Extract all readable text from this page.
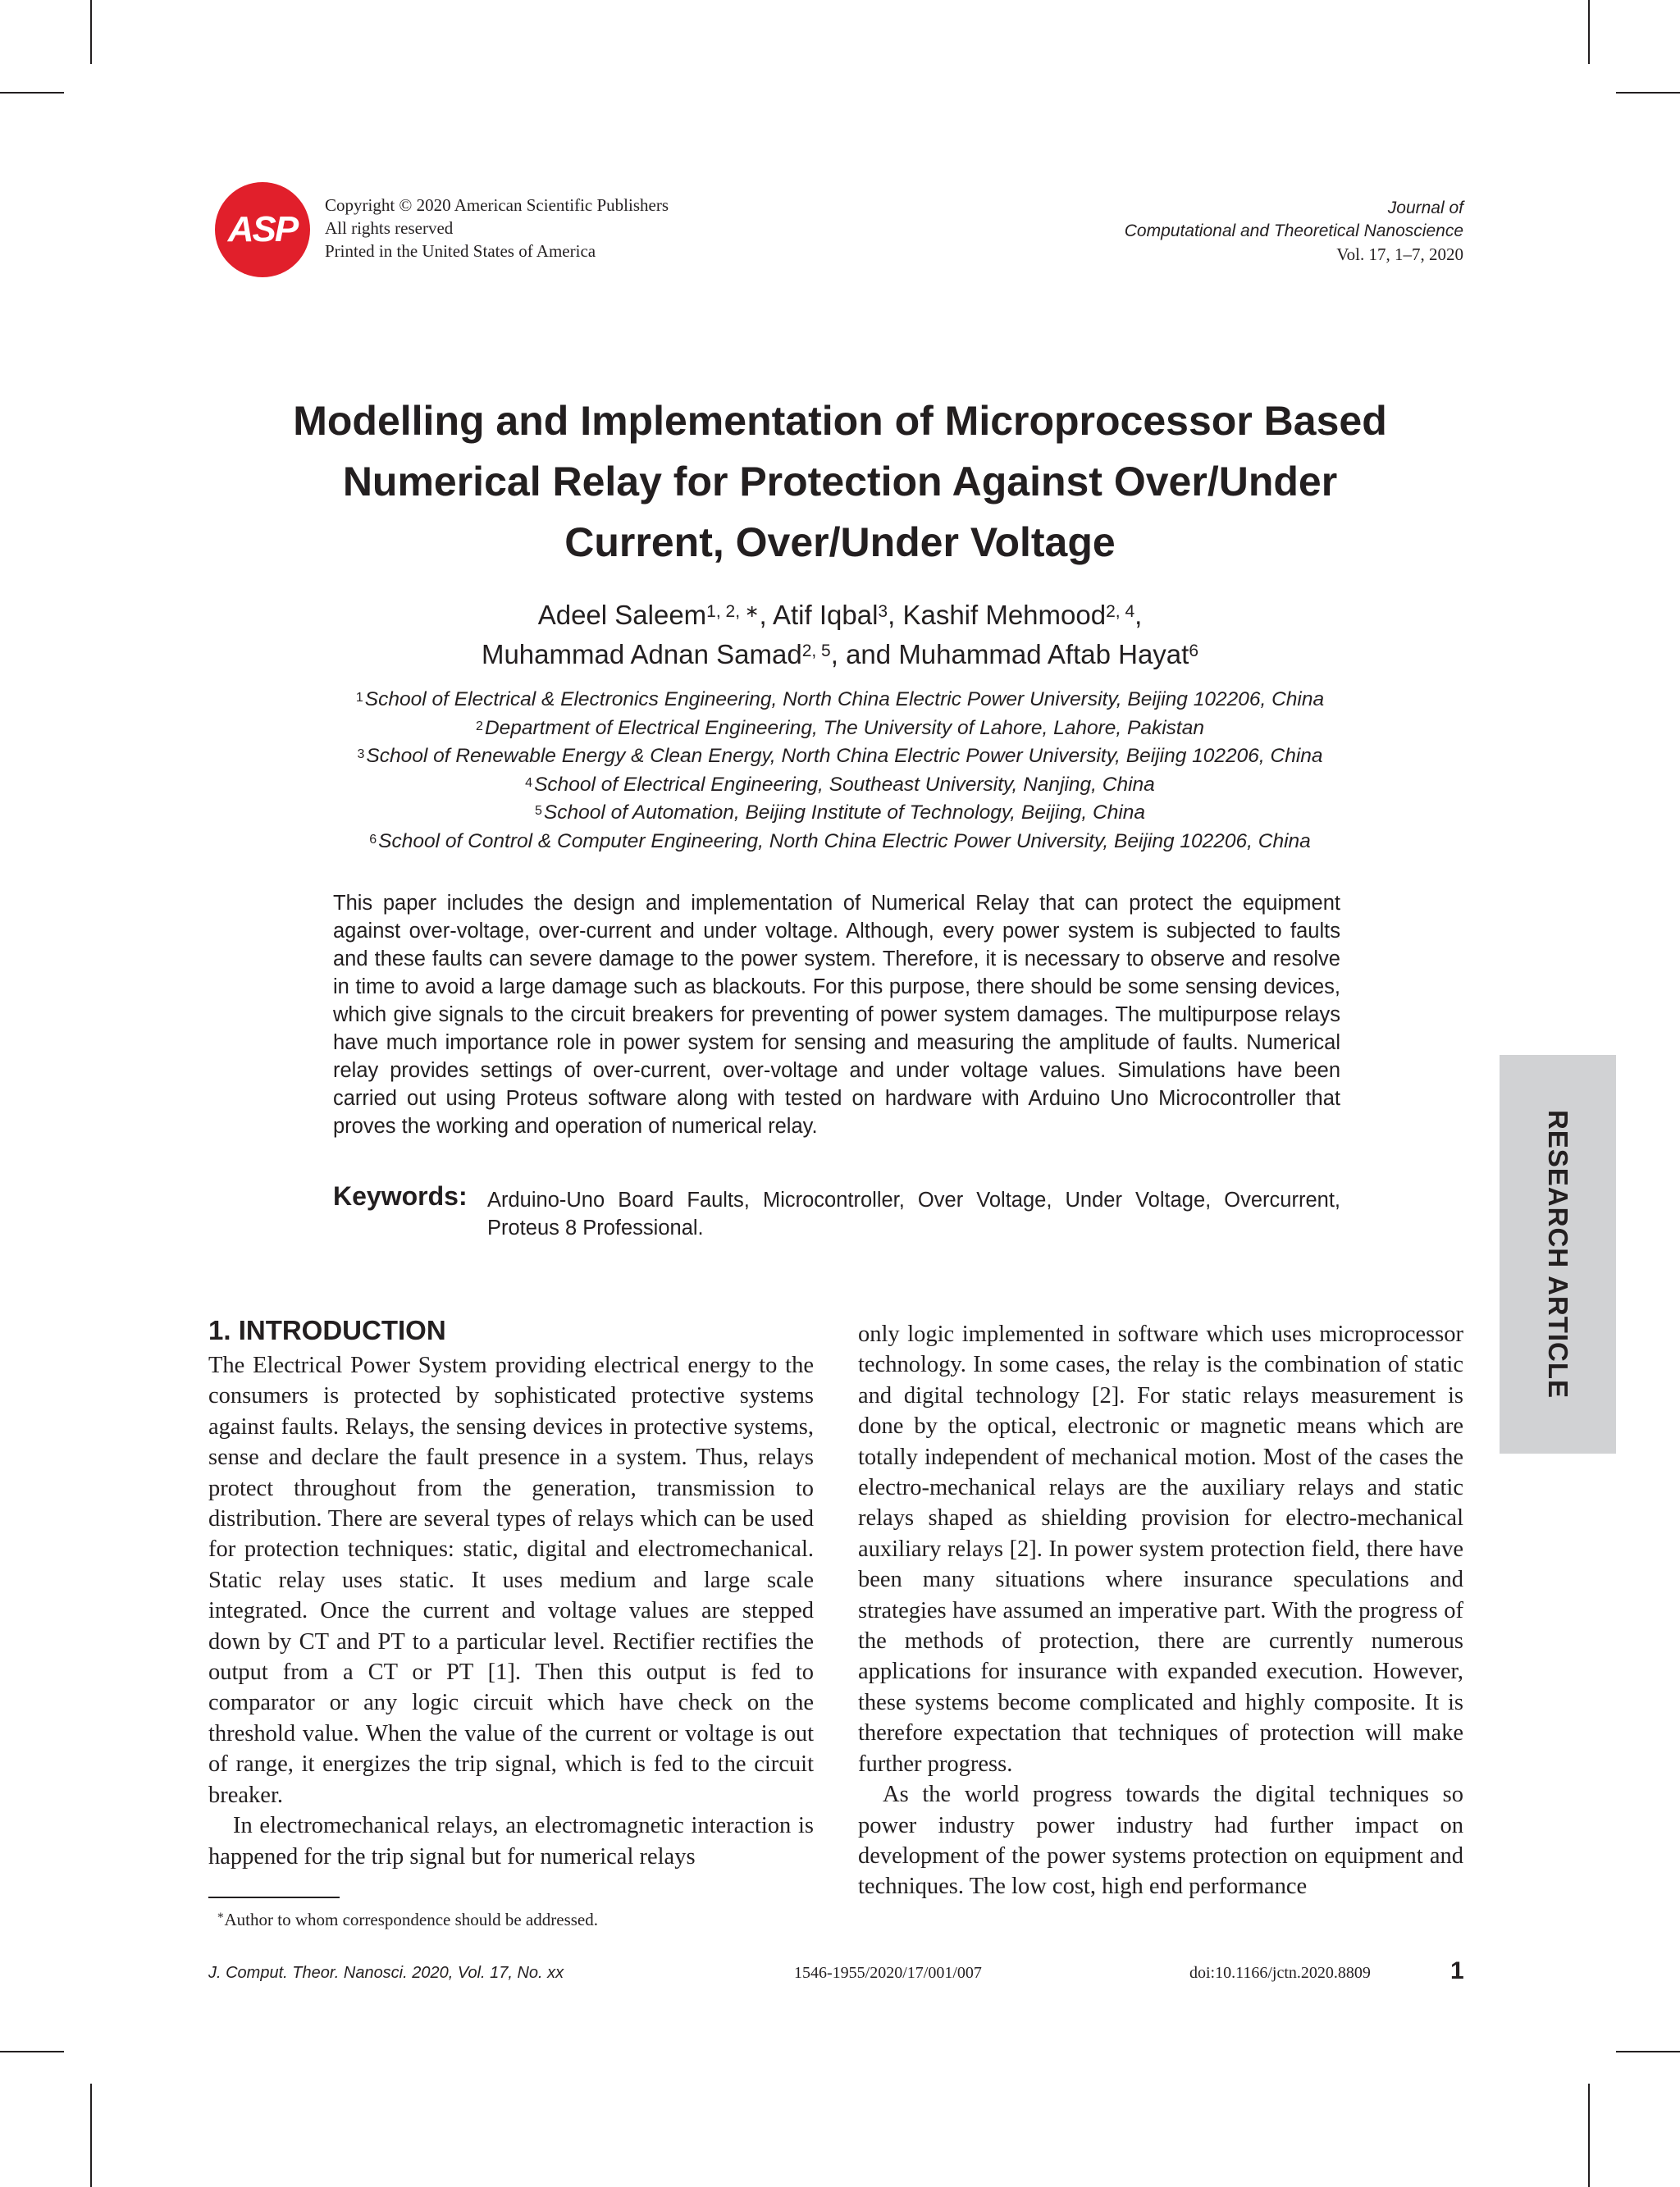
ASP
Copyright © 2020 American Scientific Publishers
All rights reserved
Printed in the United States of America
Journal of
Computational and Theoretical Nanoscience
Vol. 17, 1–7, 2020
Modelling and Implementation of Microprocessor Based
Numerical Relay for Protection Against Over/Under
Current, Over/Under Voltage
Adeel Saleem$^{1, 2, ∗}$, Atif Iqbal$^3$, Kashif Mehmood$^{2, 4}$,
Muhammad Adnan Samad$^{2, 5}$, and Muhammad Aftab Hayat$^6$
$^1$School of Electrical & Electronics Engineering, North China Electric Power University, Beijing 102206, China
$^2$Department of Electrical Engineering, The University of Lahore, Lahore, Pakistan
$^3$School of Renewable Energy & Clean Energy, North China Electric Power University, Beijing 102206, China
$^4$School of Electrical Engineering, Southeast University, Nanjing, China
$^5$School of Automation, Beijing Institute of Technology, Beijing, China
$^6$School of Control & Computer Engineering, North China Electric Power University, Beijing 102206, China

This paper includes the design and implementation of Numerical Relay that can protect the equipment against over-voltage, over-current and under voltage. Although, every power system is subjected to faults and these faults can severe damage to the power system. Therefore, it is necessary to observe and resolve in time to avoid a large damage such as blackouts. For this purpose, there should be some sensing devices, which give signals to the circuit breakers for preventing of power system damages. The multipurpose relays have much importance role in power system for sensing and measuring the amplitude of faults. Numerical relay provides settings of over-current, over-voltage and under voltage values. Simulations have been carried out using Proteus software along with tested on hardware with Arduino Uno Microcontroller that proves the working and operation of numerical relay.

Keywords: Arduino-Uno Board Faults, Microcontroller, Over Voltage, Under Voltage, Overcurrent, Proteus 8 Professional.	RESEARCH ARTICLE
1. INTRODUCTION

The Electrical Power System providing electrical energy to the consumers is protected by sophisticated protective systems against faults. Relays, the sensing devices in protective systems, sense and declare the fault presence in a system. Thus, relays protect throughout from the generation, transmission to distribution. There are several types of relays which can be used for protection techniques: static, digital and electromechanical. Static relay uses static. It uses medium and large scale integrated. Once the current and voltage values are stepped down by CT and PT to a particular level. Rectifier rectifies the output from a CT or PT [1]. Then this output is fed to comparator or any logic circuit which have check on the threshold value. When the value of the current or voltage is out of range, it energizes the trip signal, which is fed to the circuit breaker.

In electromechanical relays, an electromagnetic interaction is happened for the trip signal but for numerical relays

only logic implemented in software which uses microprocessor technology. In some cases, the relay is the combination of static and digital technology [2]. For static relays measurement is done by the optical, electronic or magnetic means which are totally independent of mechanical motion. Most of the cases the electro-mechanical relays are the auxiliary relays and static relays shaped as shielding provision for electro-mechanical auxiliary relays [2]. In power system protection field, there have been many situations where insurance speculations and strategies have assumed an imperative part. With the progress of the methods of protection, there are currently numerous applications for insurance with expanded execution. However, these systems become complicated and highly composite. It is therefore expectation that techniques of protection will make further progress.

As the world progress towards the digital techniques so power industry power industry had further impact on development of the power systems protection on equipment and techniques. The low cost, high end performance

∗Author to whom correspondence should be addressed.
J. Comput. Theor. Nanosci. 2020, Vol. 17, No. xx	1546-1955/2020/17/001/007	doi:10.1166/jctn.2020.8809	1
